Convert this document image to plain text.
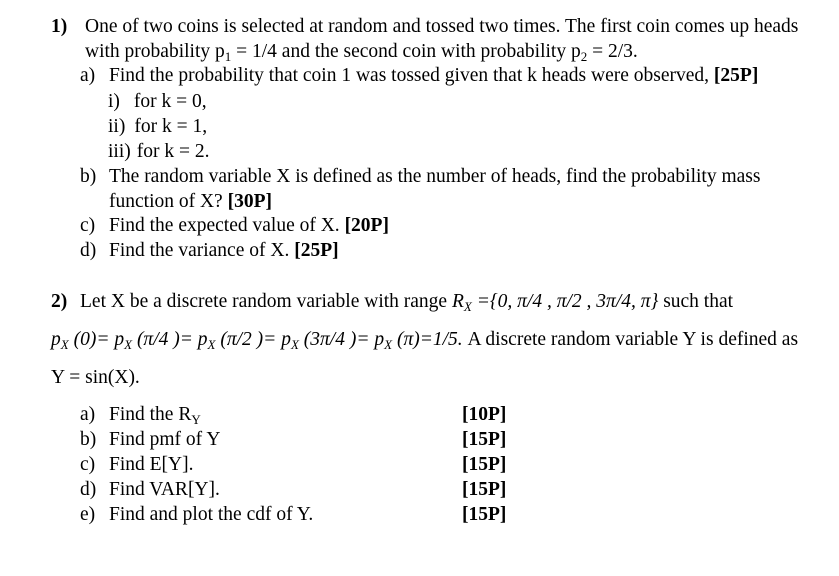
1) One of two coins is selected at random and tossed two times. The first coin comes up heads
with probability $p_1 = 1/4$ and the second coin with probability $p_2 = 2/3$.
a) Find the probability that coin 1 was tossed given that k heads were observed, [25P]
i) for k = 0,
ii) for k = 1,
iii) for k = 2.
b) The random variable X is defined as the number of heads, find the probability mass
function of X? [30P]
c) Find the expected value of X. [20P]
d) Find the variance of X. [25P]
2) Let X be a discrete random variable with range $R_X =\{0$, π/4 , π/2 , 3π/4, π} such that
$p_X$ $(0)= p_X$ (π/4 )= $p_X$ (π/2 )= $p_X$ (3π/4 )= $p_X$ (π)=1/5. A discrete random variable Y is defined as
Y = sin(X).
a) Find the $R_Y$	[10P]
b) Find pmf of Y	[15P]
c) Find E[Y].	[15P]
d) Find VAR[Y].	[15P]
e) Find and plot the cdf of Y.	[15P]
